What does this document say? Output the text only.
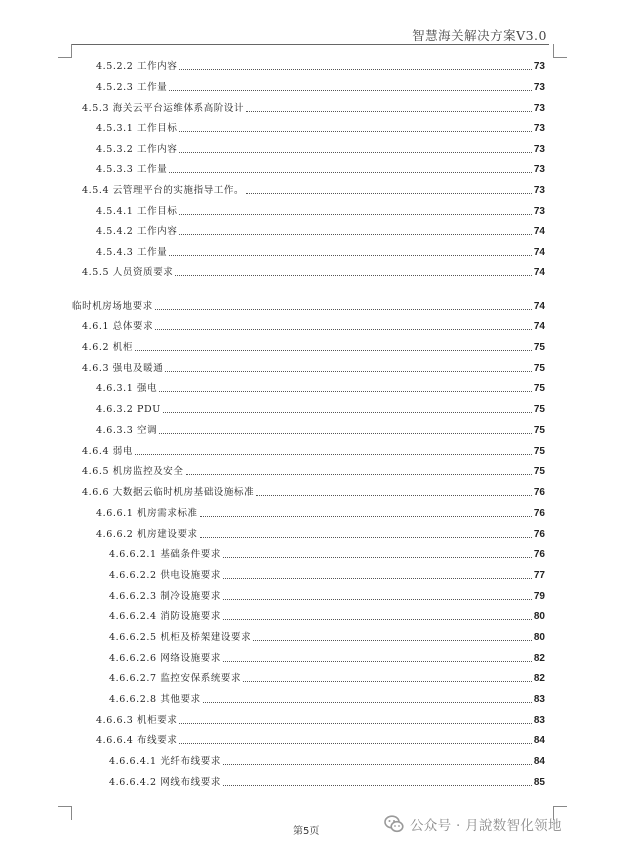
智慧海关解决方案V3.0
4.5.2.2 工作内容	73
4.5.2.3 工作量	73
4.5.3 海关云平台运维体系高阶设计	73
4.5.3.1 工作目标	73
4.5.3.2 工作内容	73
4.5.3.3 工作量	73
4.5.4 云管理平台的实施指导工作。	73
4.5.4.1 工作目标	73
4.5.4.2 工作内容	74
4.5.4.3 工作量	74
4.5.5 人员资质要求	74
临时机房场地要求	74
4.6.1 总体要求	74
4.6.2 机柜	75
4.6.3 强电及暖通	75
4.6.3.1 强电	75
4.6.3.2 PDU	75
4.6.3.3 空调	75
4.6.4 弱电	75
4.6.5 机房监控及安全	75
4.6.6 大数据云临时机房基础设施标准	76
4.6.6.1 机房需求标准	76
4.6.6.2 机房建设要求	76
4.6.6.2.1 基础条件要求	76
4.6.6.2.2 供电设施要求	77
4.6.6.2.3 制冷设施要求	79
4.6.6.2.4 消防设施要求	80
4.6.6.2.5 机柜及桥架建设要求	80
4.6.6.2.6 网络设施要求	82
4.6.6.2.7 监控安保系统要求	82
4.6.6.2.8 其他要求	83
4.6.6.3 机柜要求	83
4.6.6.4 布线要求	84
4.6.6.4.1 光纤布线要求	84
4.6.6.4.2 网线布线要求	85
第5页	公众号 · 月說数智化领地
